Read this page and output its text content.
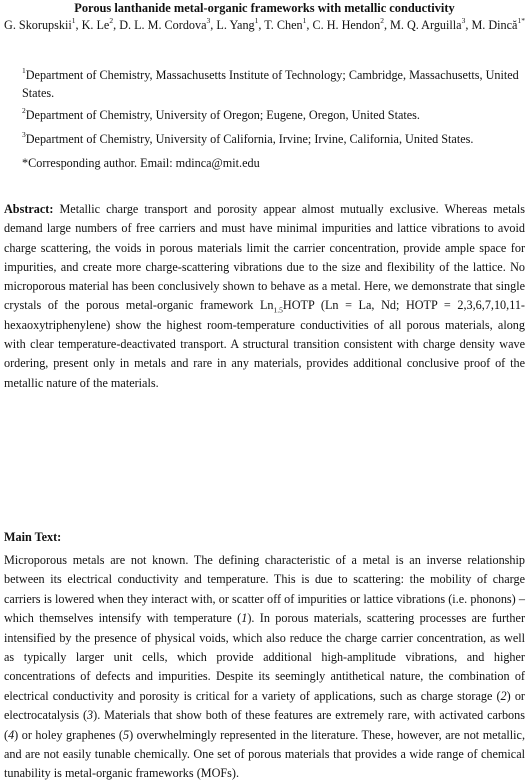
Porous lanthanide metal-organic frameworks with metallic conductivity
G. Skorupskii$^1$, K. Le$^2$, D. L. M. Cordova$^3$, L. Yang$^1$, T. Chen$^1$, C. H. Hendon$^2$, M. Q. Arguilla$^3$, M. Dincă$^{1*}$
$^1$Department of Chemistry, Massachusetts Institute of Technology; Cambridge, Massachusetts, United States.
$^2$Department of Chemistry, University of Oregon; Eugene, Oregon, United States.
$^3$Department of Chemistry, University of California, Irvine; Irvine, California, United States.
*Corresponding author. Email: mdinca@mit.edu
Abstract: Metallic charge transport and porosity appear almost mutually exclusive. Whereas metals demand large numbers of free carriers and must have minimal impurities and lattice vibrations to avoid charge scattering, the voids in porous materials limit the carrier concentration, provide ample space for impurities, and create more charge-scattering vibrations due to the size and flexibility of the lattice. No microporous material has been conclusively shown to behave as a metal. Here, we demonstrate that single crystals of the porous metal-organic framework $Ln_{1.5}HOTP$ (Ln = La, Nd; HOTP = 2,3,6,7,10,11-hexaoxytriphenylene) show the highest room-temperature conductivities of all porous materials, along with clear temperature-deactivated transport. A structural transition consistent with charge density wave ordering, present only in metals and rare in any materials, provides additional conclusive proof of the metallic nature of the materials.
Main Text:
Microporous metals are not known. The defining characteristic of a metal is an inverse relationship between its electrical conductivity and temperature. This is due to scattering: the mobility of charge carriers is lowered when they interact with, or scatter off of impurities or lattice vibrations (i.e. phonons) – which themselves intensify with temperature (1). In porous materials, scattering processes are further intensified by the presence of physical voids, which also reduce the charge carrier concentration, as well as typically larger unit cells, which provide additional high-amplitude vibrations, and higher concentrations of defects and impurities. Despite its seemingly antithetical nature, the combination of electrical conductivity and porosity is critical for a variety of applications, such as charge storage (2) or electrocatalysis (3). Materials that show both of these features are extremely rare, with activated carbons (4) or holey graphenes (5) overwhelmingly represented in the literature. These, however, are not metallic, and are not easily tunable chemically. One set of porous materials that provides a wide range of chemical tunability is metal-organic frameworks (MOFs).
